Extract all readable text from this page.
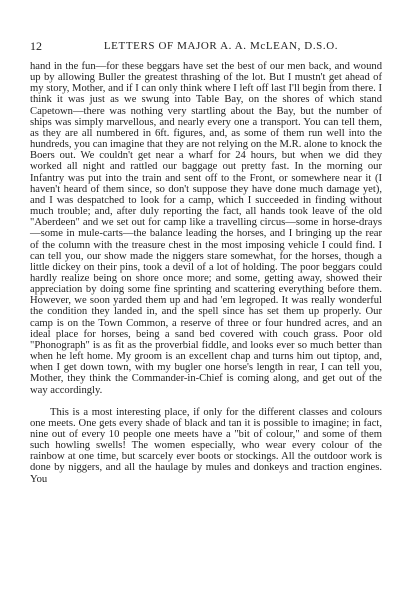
12	LETTERS OF MAJOR A. A. McLEAN, D.S.O.

hand in the fun—for these beggars have set the best of our men back, and wound up by allowing Buller the greatest thrashing of the lot. But I mustn't get ahead of my story, Mother, and if I can only think where I left off last I'll begin from there. I think it was just as we swung into Table Bay, on the shores of which stand Capetown—there was nothing very startling about the Bay, but the number of ships was simply marvellous, and nearly every one a transport. You can tell them, as they are all numbered in 6ft. figures, and, as some of them run well into the hundreds, you can imagine that they are not relying on the M.R. alone to knock the Boers out. We couldn't get near a wharf for 24 hours, but when we did they worked all night and rattled our baggage out pretty fast. In the morning our Infantry was put into the train and sent off to the Front, or somewhere near it (I haven't heard of them since, so don't suppose they have done much damage yet), and I was despatched to look for a camp, which I succeeded in finding without much trouble; and, after duly reporting the fact, all hands took leave of the old "Aberdeen" and we set out for camp like a travelling circus—some in horse-drays—some in mule-carts—the balance leading the horses, and I bringing up the rear of the column with the treasure chest in the most imposing vehicle I could find. I can tell you, our show made the niggers stare somewhat, for the horses, though a little dickey on their pins, took a devil of a lot of holding. The poor beggars could hardly realize being on shore once more; and some, getting away, showed their appreciation by doing some fine sprinting and scattering everything before them. However, we soon yarded them up and had 'em legroped. It was really wonderful the condition they landed in, and the spell since has set them up properly. Our camp is on the Town Common, a reserve of three or four hundred acres, and an ideal place for horses, being a sand bed covered with couch grass. Poor old "Phonograph" is as fit as the proverbial fiddle, and looks ever so much better than when he left home. My groom is an excellent chap and turns him out tiptop, and, when I get down town, with my bugler one horse's length in rear, I can tell you, Mother, they think the Commander-in-Chief is coming along, and get out of the way accordingly.

This is a most interesting place, if only for the different classes and colours one meets. One gets every shade of black and tan it is possible to imagine; in fact, nine out of every 10 people one meets have a "bit of colour," and some of them such howling swells! The women especially, who wear every colour of the rainbow at one time, but scarcely ever boots or stockings. All the outdoor work is done by niggers, and all the haulage by mules and donkeys and traction engines. You
